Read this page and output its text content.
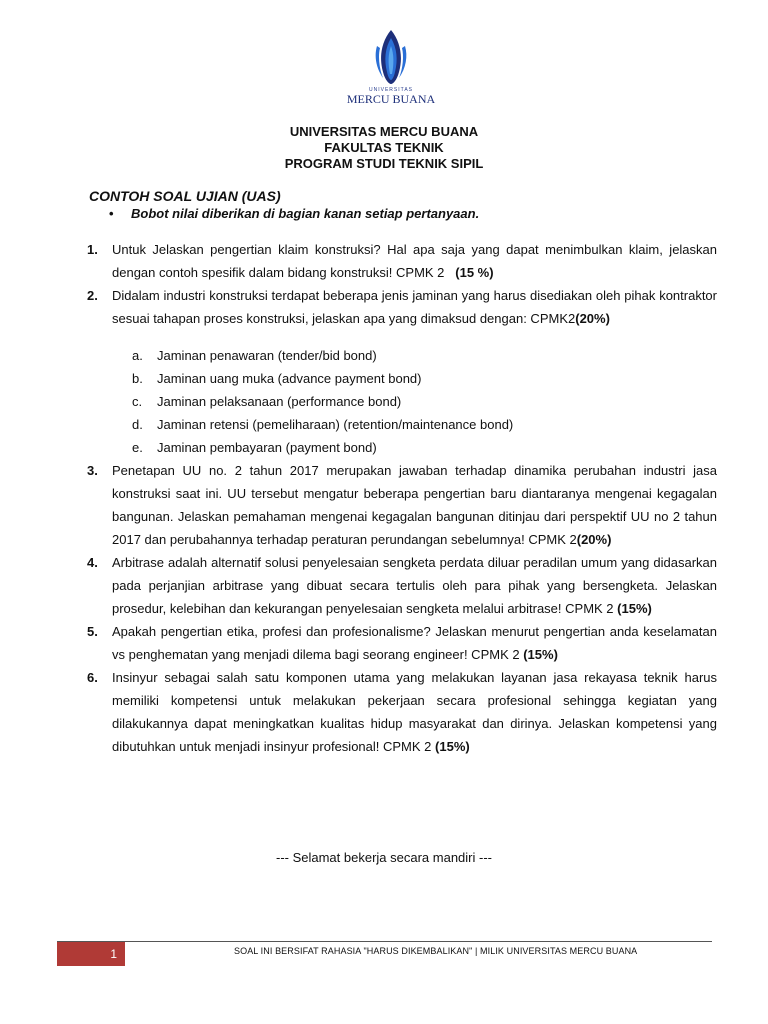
UNIVERSITAS
MERCU BUANA
UNIVERSITAS MERCU BUANA
FAKULTAS TEKNIK
PROGRAM STUDI TEKNIK SIPIL
CONTOH SOAL UJIAN (UAS)
• Bobot nilai diberikan di bagian kanan setiap pertanyaan.
1. Untuk Jelaskan pengertian klaim konstruksi? Hal apa saja yang dapat menimbulkan klaim, jelaskan dengan contoh spesifik dalam bidang konstruksi! CPMK 2 (15 %)
2. Didalam industri konstruksi terdapat beberapa jenis jaminan yang harus disediakan oleh pihak kontraktor sesuai tahapan proses konstruksi, jelaskan apa yang dimaksud dengan: CPMK2(20%)
a. Jaminan penawaran (tender/bid bond)
b. Jaminan uang muka (advance payment bond)
c. Jaminan pelaksanaan (performance bond)
d. Jaminan retensi (pemeliharaan) (retention/maintenance bond)
e. Jaminan pembayaran (payment bond)
3. Penetapan UU no. 2 tahun 2017 merupakan jawaban terhadap dinamika perubahan industri jasa konstruksi saat ini. UU tersebut mengatur beberapa pengertian baru diantaranya mengenai kegagalan bangunan. Jelaskan pemahaman mengenai kegagalan bangunan ditinjau dari perspektif UU no 2 tahun 2017 dan perubahannya terhadap peraturan perundangan sebelumnya! CPMK 2(20%)
4. Arbitrase adalah alternatif solusi penyelesaian sengketa perdata diluar peradilan umum yang didasarkan pada perjanjian arbitrase yang dibuat secara tertulis oleh para pihak yang bersengketa. Jelaskan prosedur, kelebihan dan kekurangan penyelesaian sengketa melalui arbitrase! CPMK 2 (15%)
5. Apakah pengertian etika, profesi dan profesionalisme? Jelaskan menurut pengertian anda keselamatan vs penghematan yang menjadi dilema bagi seorang engineer! CPMK 2 (15%)
6. Insinyur sebagai salah satu komponen utama yang melakukan layanan jasa rekayasa teknik harus memiliki kompetensi untuk melakukan pekerjaan secara profesional sehingga kegiatan yang dilakukannya dapat meningkatkan kualitas hidup masyarakat dan dirinya. Jelaskan kompetensi yang dibutuhkan untuk menjadi insinyur profesional! CPMK 2 (15%)
--- Selamat bekerja secara mandiri ---
1	SOAL INI BERSIFAT RAHASIA "HARUS DIKEMBALIKAN" | MILIK UNIVERSITAS MERCU BUANA
